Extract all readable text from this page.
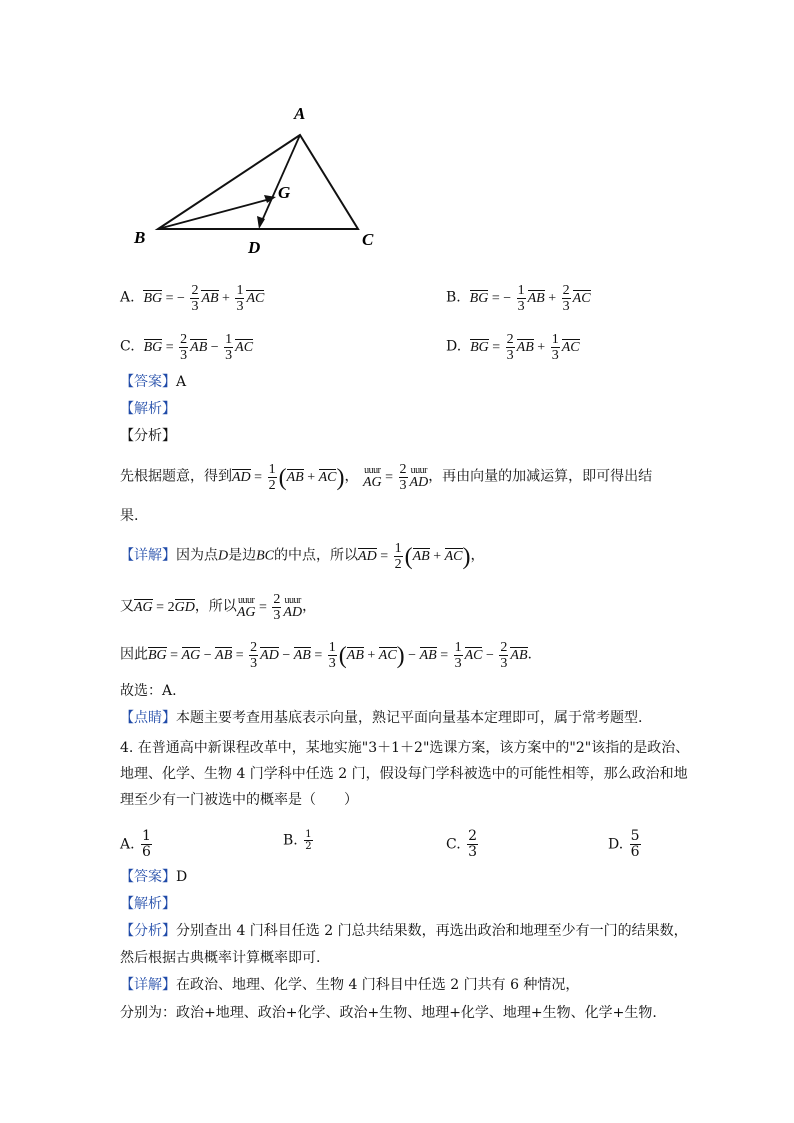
A
B	C
D
G
A. BG = − $\frac{2}{3}$ AB + $\frac{1}{3}$ AC	B. BG = − $\frac{1}{3}$ AB + $\frac{2}{3}$ AC
C. BG = $\frac{2}{3}$ AB − $\frac{1}{3}$ AC	D. BG = $\frac{2}{3}$ AB + $\frac{1}{3}$ AC
【答案】A
【解析】
【分析】
先根据题意，得到AD = $\frac{1}{2} (AB + AC)$， uuur
AG = $\frac{2}{3}$ uuur
AD ，再由向量的加减运算，即可得出结
果.
【详解】因为点D是边BC的中点，所以AD = $\frac{1}{2} (AB + AC)$，
又AG = 2GD，所以 uuur
AG = $\frac{2}{3}$ uuur
AD ，
因此BG = AG − AB = $\frac{2}{3}$ AD − AB = $\frac{1}{3} (AB + AC)$ − AB = $\frac{1}{3}$ AC − $\frac{2}{3}$ AB.
故选：A.
【点睛】本题主要考查用基底表示向量，熟记平面向量基本定理即可，属于常考题型.
4. 在普通高中新课程改革中，某地实施"3＋1＋2"选课方案，该方案中的"2"该指的是政治、
地理、化学、生物 4 门学科中任选 2 门，假设每门学科被选中的可能性相等，那么政治和地
理至少有一门被选中的概率是（　　）
A. $\frac{1}{6}$	B. $\frac{1}{2}$	C. $\frac{2}{3}$	D. $\frac{5}{6}$
【答案】D
【解析】
【分析】分别查出 4 门科目任选 2 门总共结果数，再选出政治和地理至少有一门的结果数，
然后根据古典概率计算概率即可.
【详解】在政治、地理、化学、生物 4 门科目中任选 2 门共有 6 种情况，
分别为：政治+地理、政治+化学、政治+生物、地理+化学、地理+生物、化学+生物.
